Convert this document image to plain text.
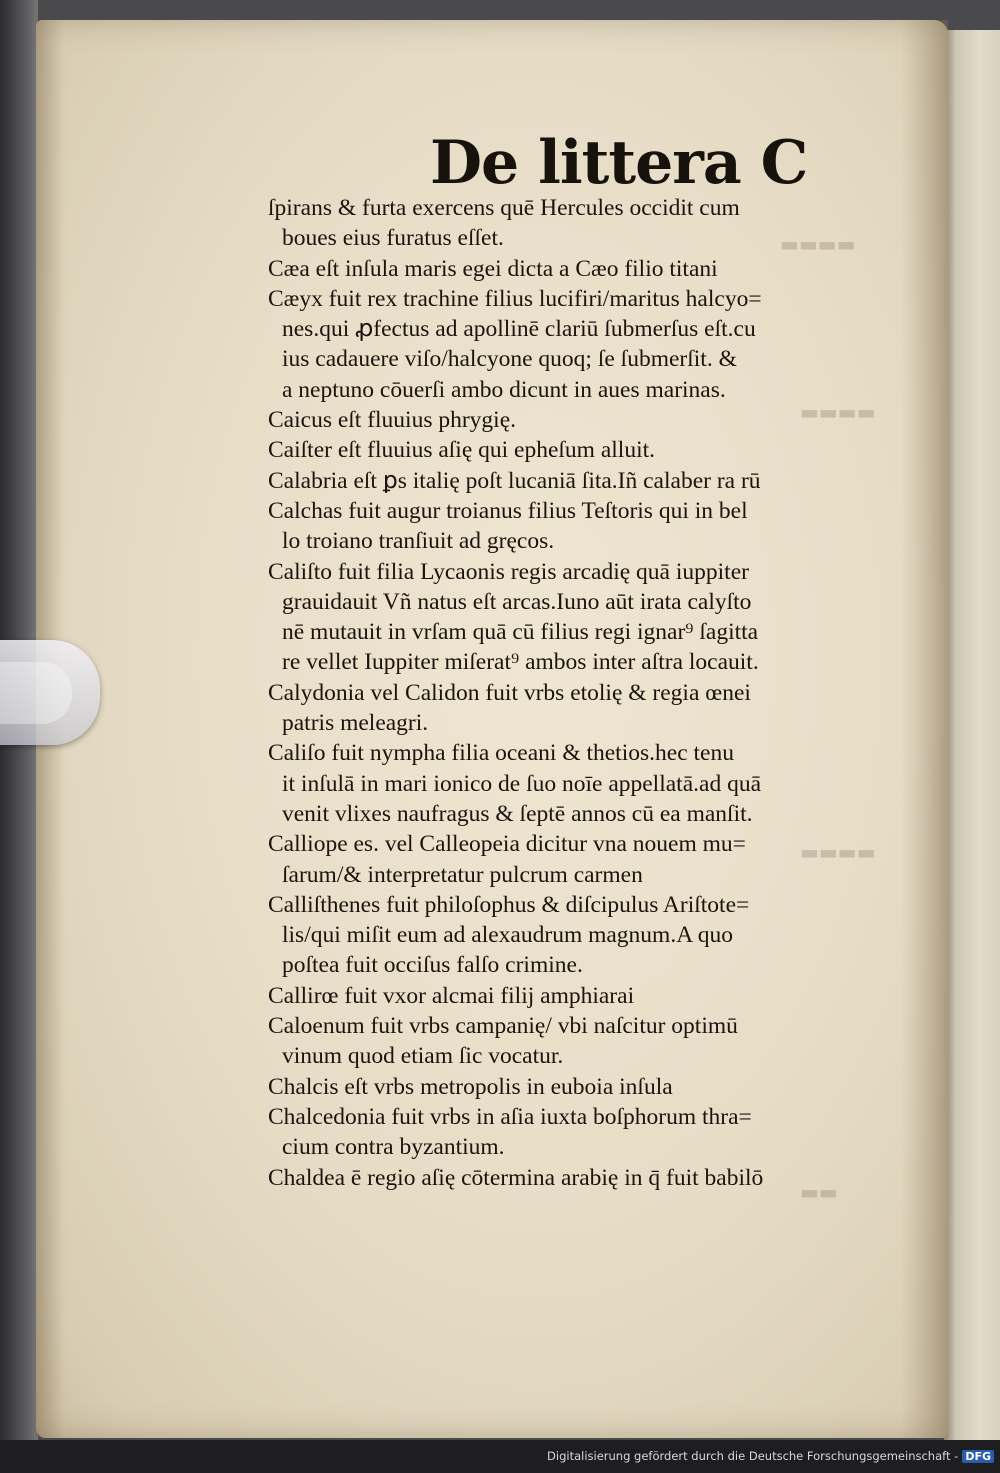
▬▬▬▬
▬▬▬▬
▬▬▬▬
▬▬
De littera C
ſpirans & furta exercens quē Hercules occidit cum
boues eius furatus eſſet.
Cæa eſt inſula maris egei dicta a Cæo filio titani
Cæyx fuit rex trachine filius lucifiri/maritus halcyo=
nes.qui ꝓfectus ad apollinē clariū ſubmerſus eſt.cu
ius cadauere viſo/halcyone quoq; ſe ſubmerſit. &
a neptuno cōuerſi ambo dicunt in aues marinas.
Caicus eſt fluuius phrygię.
Caiſter eſt fluuius aſię qui epheſum alluit.
Calabria eſt ꝑs italię poſt lucaniā ſita.Iñ calaber ra rū
Calchas fuit augur troianus filius Teſtoris qui in bel
lo troiano tranſiuit ad gręcos.
Caliſto fuit filia Lycaonis regis arcadię quā iuppiter
grauidauit Vñ natus eſt arcas.Iuno aūt irata calyſto
nē mutauit in vrſam quā cū filius regi ignar⁹ ſagitta
re vellet Iuppiter miſerat⁹ ambos inter aſtra locauit.
Calydonia vel Calidon fuit vrbs etolię & regia œnei
patris meleagri.
Caliſo fuit nympha filia oceani & thetios.hec tenu
it inſulā in mari ionico de ſuo noīe appellatā.ad quā
venit vlixes naufragus & ſeptē annos cū ea manſit.
Calliope es. vel Calleopeia dicitur vna nouem mu=
ſarum/& interpretatur pulcrum carmen
Calliſthenes fuit philoſophus & diſcipulus Ariſtote=
lis/qui miſit eum ad alexaudrum magnum.A quo
poſtea fuit occiſus falſo crimine.
Callirœ fuit vxor alcmai filij amphiarai
Caloenum fuit vrbs campanię/ vbi naſcitur optimū
vinum quod etiam ſic vocatur.
Chalcis eſt vrbs metropolis in euboia inſula
Chalcedonia fuit vrbs in aſia iuxta boſphorum thra=
cium contra byzantium.
Chaldea ē regio aſię cōtermina arabię in q̄ fuit babilō
Digitalisierung gefördert durch die Deutsche Forschungsgemeinschaft - DFG
